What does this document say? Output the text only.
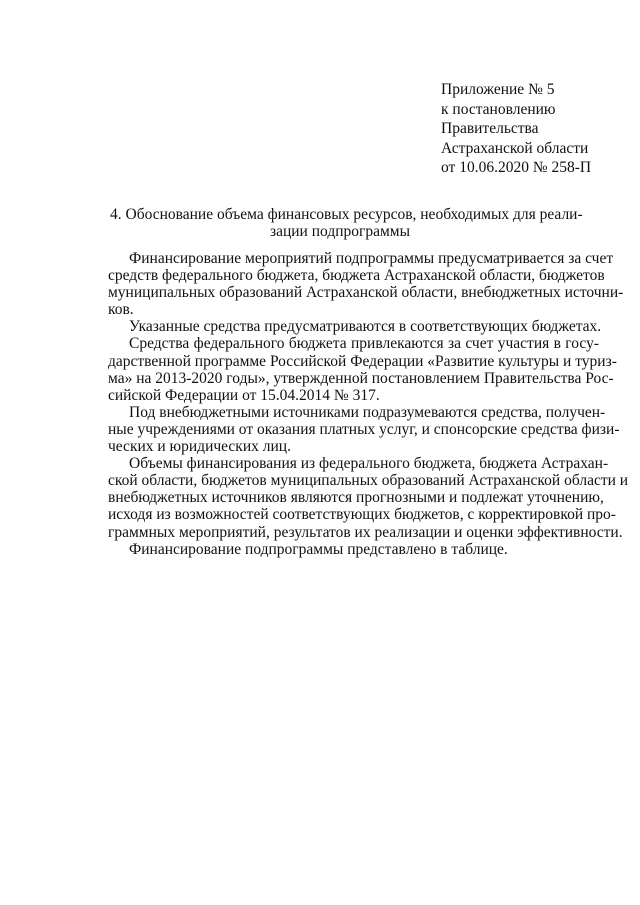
Приложение № 5
к постановлению
Правительства
Астраханской области
от 10.06.2020 № 258-П
4. Обоснование объема финансовых ресурсов, необходимых для реали-
зации подпрограммы
Финансирование мероприятий подпрограммы предусматривается за счет
средств федерального бюджета, бюджета Астраханской области, бюджетов
муниципальных образований Астраханской области, внебюджетных источни-
ков.
Указанные средства предусматриваются в соответствующих бюджетах.
Средства федерального бюджета привлекаются за счет участия в госу-
дарственной программе Российской Федерации «Развитие культуры и туриз-
ма» на 2013-2020 годы», утвержденной постановлением Правительства Рос-
сийской Федерации от 15.04.2014 № 317.
Под внебюджетными источниками подразумеваются средства, получен-
ные учреждениями от оказания платных услуг, и спонсорские средства физи-
ческих и юридических лиц.
Объемы финансирования из федерального бюджета, бюджета Астрахан-
ской области, бюджетов муниципальных образований Астраханской области и
внебюджетных источников являются прогнозными и подлежат уточнению,
исходя из возможностей соответствующих бюджетов, с корректировкой про-
граммных мероприятий, результатов их реализации и оценки эффективности.
Финансирование подпрограммы представлено в таблице.
